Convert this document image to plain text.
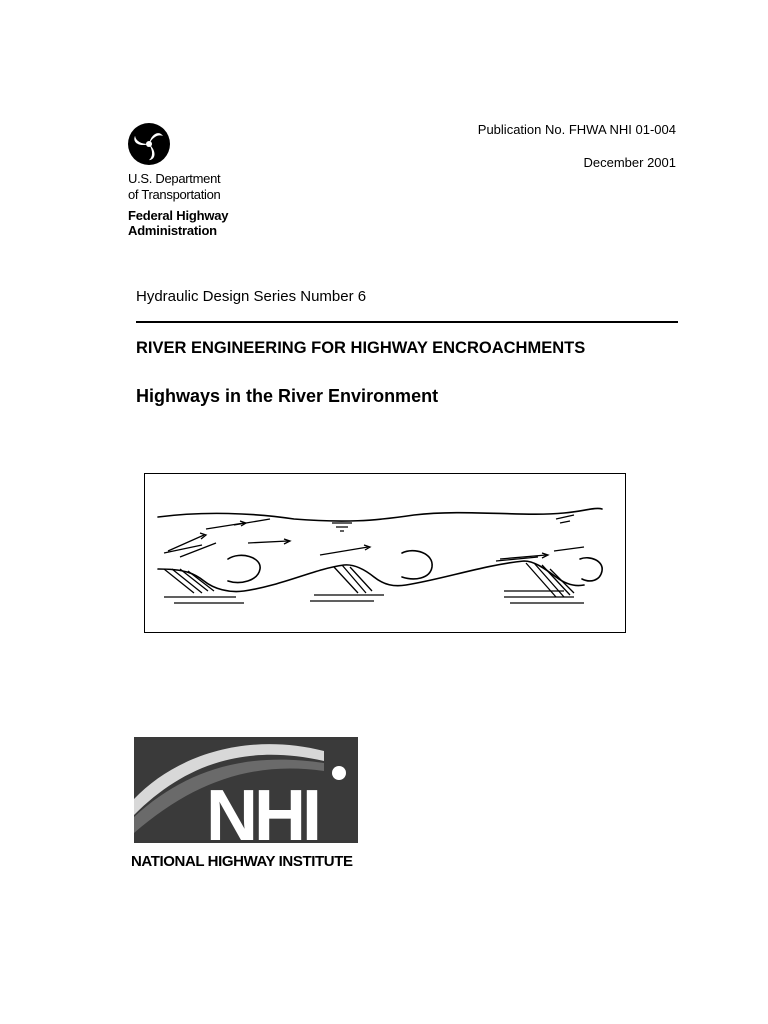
U.S. Department
of Transportation
Federal Highway
Administration
Publication No. FHWA NHI 01-004
December 2001
Hydraulic Design Series Number 6
RIVER ENGINEERING FOR HIGHWAY ENCROACHMENTS
Highways in the River Environment
NHI
NATIONAL HIGHWAY INSTITUTE
